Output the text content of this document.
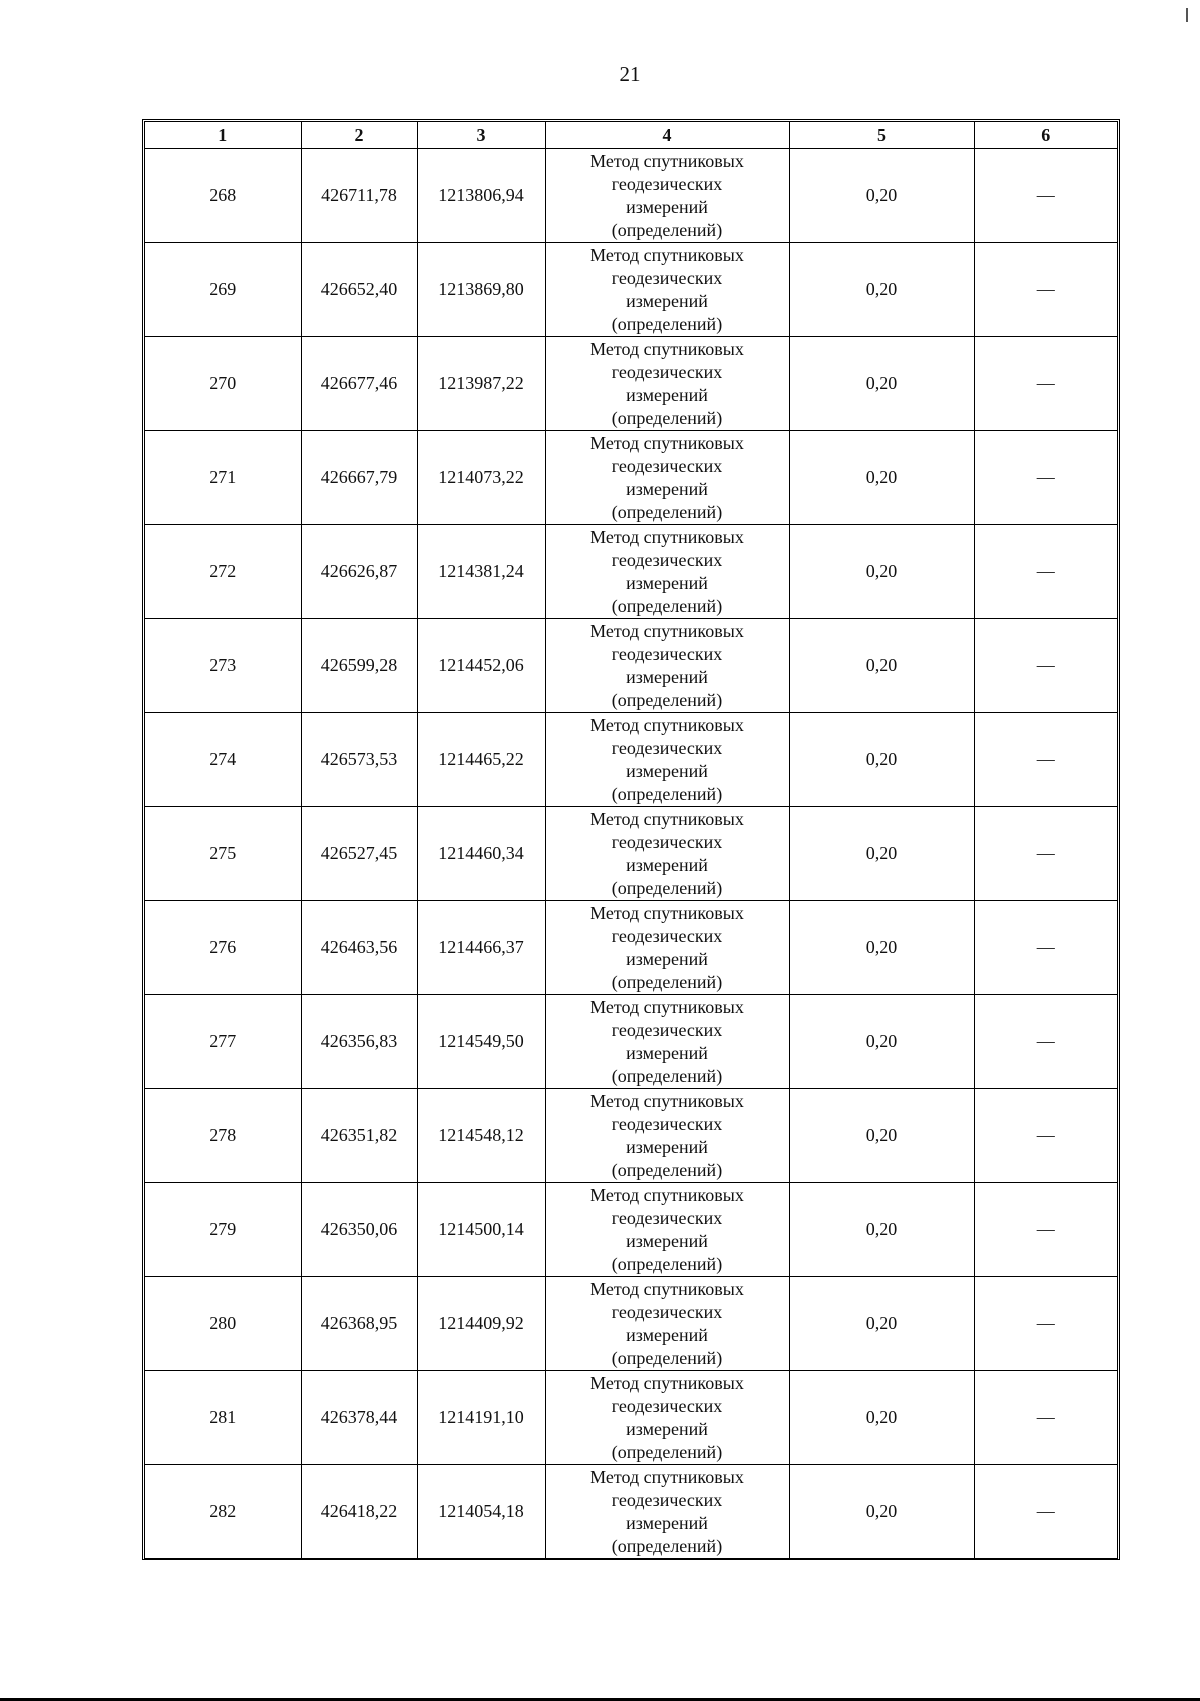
21
1	2	3	4	5	6
268	426711,78	1213806,94	Метод спутниковых
геодезических
измерений
(определений)	0,20	—
269	426652,40	1213869,80	Метод спутниковых
геодезических
измерений
(определений)	0,20	—
270	426677,46	1213987,22	Метод спутниковых
геодезических
измерений
(определений)	0,20	—
271	426667,79	1214073,22	Метод спутниковых
геодезических
измерений
(определений)	0,20	—
272	426626,87	1214381,24	Метод спутниковых
геодезических
измерений
(определений)	0,20	—
273	426599,28	1214452,06	Метод спутниковых
геодезических
измерений
(определений)	0,20	—
274	426573,53	1214465,22	Метод спутниковых
геодезических
измерений
(определений)	0,20	—
275	426527,45	1214460,34	Метод спутниковых
геодезических
измерений
(определений)	0,20	—
276	426463,56	1214466,37	Метод спутниковых
геодезических
измерений
(определений)	0,20	—
277	426356,83	1214549,50	Метод спутниковых
геодезических
измерений
(определений)	0,20	—
278	426351,82	1214548,12	Метод спутниковых
геодезических
измерений
(определений)	0,20	—
279	426350,06	1214500,14	Метод спутниковых
геодезических
измерений
(определений)	0,20	—
280	426368,95	1214409,92	Метод спутниковых
геодезических
измерений
(определений)	0,20	—
281	426378,44	1214191,10	Метод спутниковых
геодезических
измерений
(определений)	0,20	—
282	426418,22	1214054,18	Метод спутниковых
геодезических
измерений
(определений)	0,20	—
